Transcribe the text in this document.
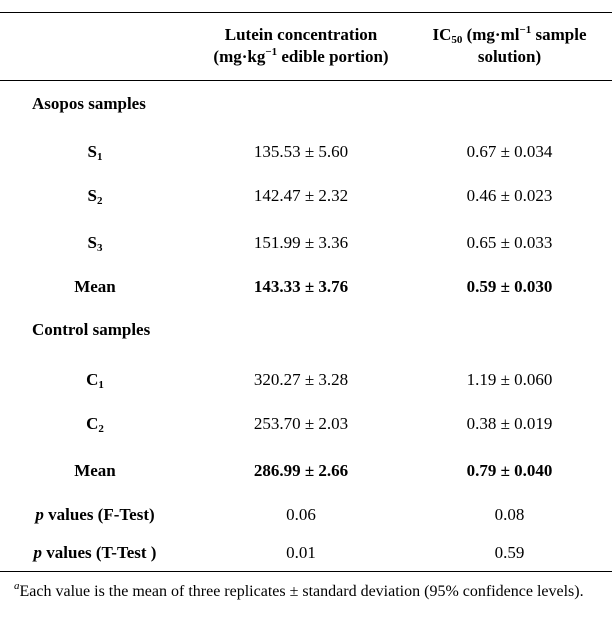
Lutein concentration
($mg\cdot kg^{-1}$ edible portion)
$IC_{50}$ ($mg\cdot ml^{-1}$ sample
solution)
Asopos samples
$S_1$	135.53 ± 5.60	0.67 ± 0.034
$S_2$	142.47 ± 2.32	0.46 ± 0.023
$S_3$	151.99 ± 3.36	0.65 ± 0.033
Mean	143.33 ± 3.76	0.59 ± 0.030
Control samples
$C_1$	320.27 ± 3.28	1.19 ± 0.060
$C_2$	253.70 ± 2.03	0.38 ± 0.019
Mean	286.99 ± 2.66	0.79 ± 0.040
p values (F-Test)	0.06	0.08
p values (T-Test )	0.01	0.59
$^a$Each value is the mean of three replicates ± standard deviation (95% confidence levels).
